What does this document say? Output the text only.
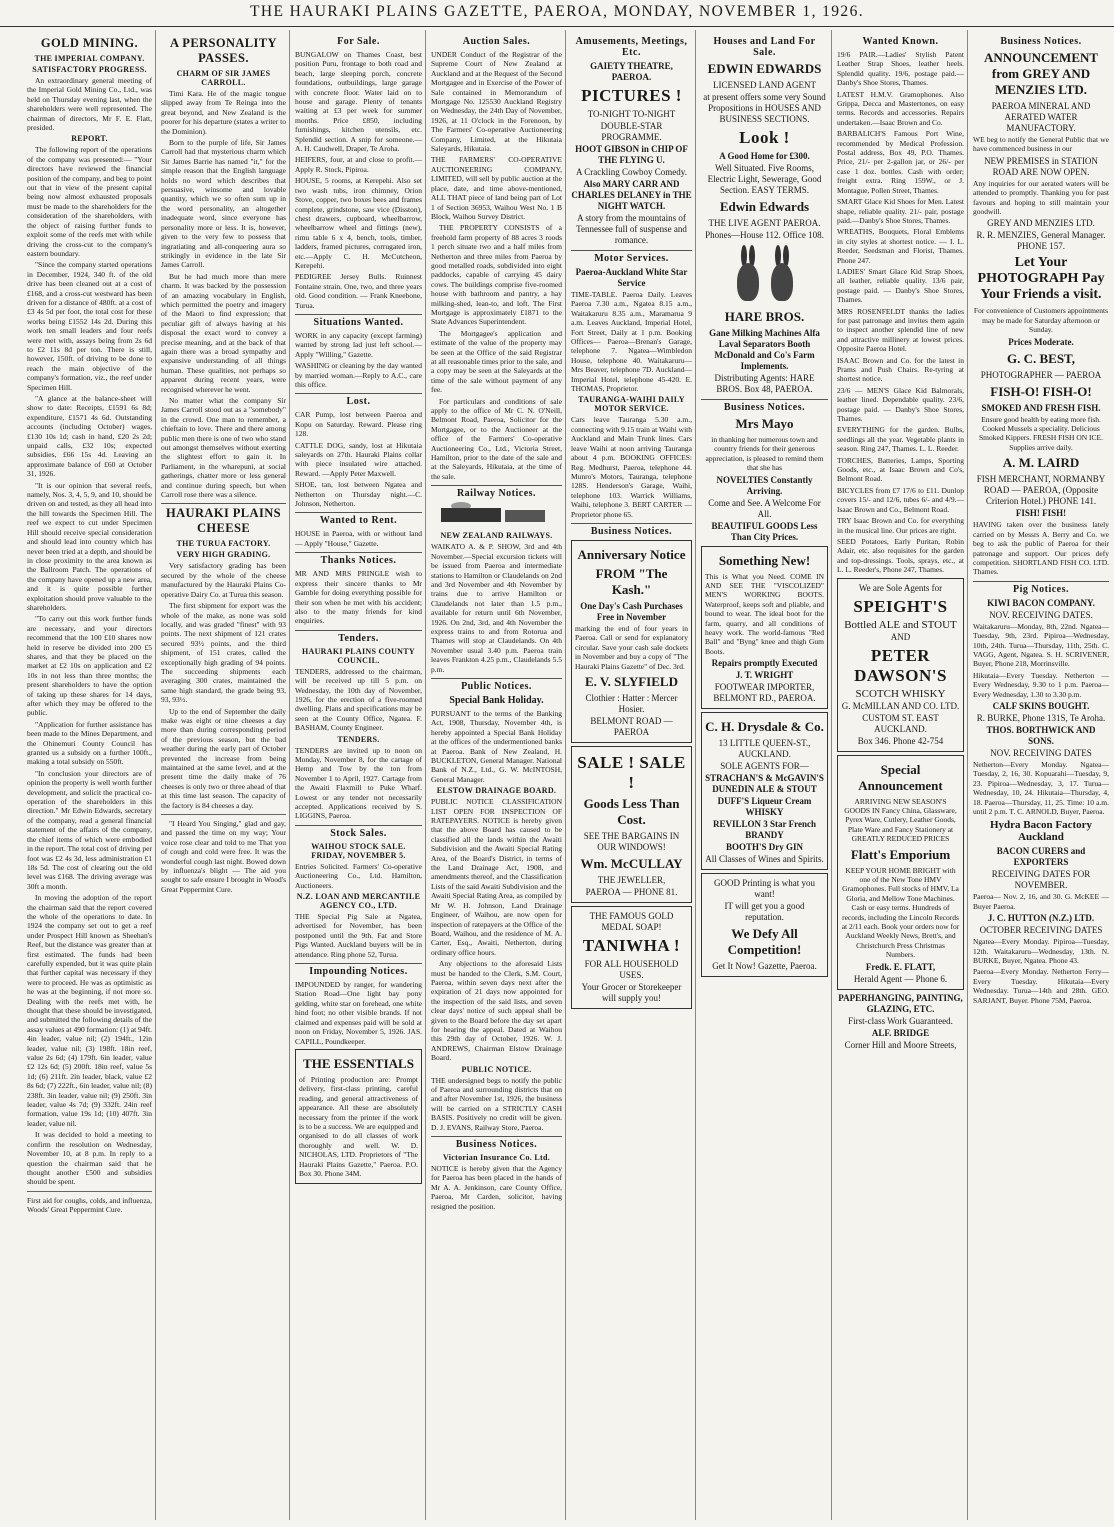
THE HAURAKI PLAINS GAZETTE, PAEROA, MONDAY, NOVEMBER 1, 1926.
GOLD MINING.
THE IMPERIAL COMPANY.
SATISFACTORY PROGRESS.

An extraordinary general meeting of the Imperial Gold Mining Co., Ltd., was held on Thursday evening last, when the shareholders were well represented. The chairman of directors, Mr F. E. Flatt, presided.

REPORT.

The following report of the operations of the company was presented:— "Your directors have reviewed the financial position of the company, and beg to point out that in view of the present capital being now almost exhausted proposals must be made to the shareholders for the consideration of the shareholders, with the object of raising further funds to exploit some of the reefs met with while driving the cross-cut to the company's eastern boundary.

"Since the company started operations in December, 1924, 340 ft. of the old drive has been cleaned out at a cost of £168, and a cross-cut westward has been driven for a distance of 480ft. at a cost of £3 4s 5d per foot, the total cost for these works being £1552 14s 2d. During this work ten small leaders and four reefs were met with, assays being from 2s 6d to £2 11s 8d per ton. There is still, however, 150ft. of driving to be done to reach the main objective of the company's formation, viz., the reef under Specimen Hill.

"A glance at the balance-sheet will show to date: Receipts, £1591 6s 8d; expenditure, £1571 4s 6d. Outstanding accounts (including October) wages, £130 10s 1d; cash in hand, £20 2s 2d; unpaid calls, £32 10s; expected subsidies, £66 15s 4d. Leaving an approximate balance of £60 at October 31, 1926.

"It is our opinion that several reefs, namely, Nos. 3, 4, 5, 9, and 10, should be driven on and tested, as they all head into the hill towards the Specimen Hill. The reef we expect to cut under Specimen Hill should receive special consideration and should lead into country which has never been tried at a depth, and should be in close proximity to the area known as the Ballroom Patch. The operations of the company have opened up a new area, and it is quite possible further exploitation should prove valuable to the shareholders.

"To carry out this work further funds are necessary, and your directors recommend that the 100 £10 shares now held in reserve be divided into 200 £5 shares, and that they be placed on the market at £2 10s on application and £2 10s in not less than three months; the present shareholders to have the option of taking up these shares for 14 days, after which they may be offered to the public.

"Application for further assistance has been made to the Mines Department, and the Ohinemuri County Council has granted us a subsidy on a further 100ft., making a total subsidy on 550ft.

"In conclusion your directors are of opinion the property is well worth further development, and solicit the practical co-operation of the shareholders in this direction." Mr Edwin Edwards, secretary of the company, read a general financial statement of the affairs of the company, the chief items of which were embodied in the report. The total cost of driving per foot was £2 4s 3d, less administration £1 18s 5d. The cost of clearing out the old level was £168. The driving average was 30ft a month.

In moving the adoption of the report the chairman said that the report covered the whole of the operations to date. In 1924 the company set out to get a reef under Prospect Hill known as Sheehan's Reef, but the distance was greater than at first estimated. The funds had been carefully expended, but it was quite plain that further capital was necessary if they were to proceed. He was as optimistic as he was at the beginning, if not more so. Dealing with the reefs met with, he thought that these should be investigated, and submitted the following details of the assay values at 490 formation: (1) at 94ft. 4in leader, value nil; (2) 194ft., 12in leader, value nil; (3) 198ft. 18in reef, value 2s 6d; (4) 179ft. 6in leader, value £2 12s 6d; (5) 200ft. 18in reef, value 5s 1d; (6) 211ft. 2in leader, black, value £2 8s 6d; (7) 222ft., 6in leader, value nil; (8) 238ft. 3in leader, value nil; (9) 250ft. 3in leader, value 4s 7d; (9) 332ft. 24in reef formation, value 19s 1d; (10) 407ft. 3in leader, value nil.

It was decided to hold a meeting to confirm the resolution on Wednesday, November 10, at 8 p.m. In reply to a question the chairman said that he thought another £500 and subsidies should be spent.

First aid for coughs, colds, and influenza, Woods' Great Peppermint Cure.

A PERSONALITY PASSES.
CHARM OF SIR JAMES CARROLL.

Timi Kara. He of the magic tongue slipped away from Te Reinga into the great beyond, and New Zealand is the poorer for his departure (states a writer to the Dominion).

Born to the purple of life, Sir James Carroll had that mysterious charm which Sir James Barrie has named "it," for the simple reason that the English language holds no word which describes that persuasive, winsome and lovable quantity, which we so often sum up in the word personality, an altogether inadequate word, since everyone has personality more or less. It is, however, given to the very few to possess that ingratiating and all-conquering aura so strikingly in evidence in the late Sir James Carroll.

But he had much more than mere charm. It was backed by the possession of an amazing vocabulary in English, which permitted the poetry and imagery of the Maori to find expression; that peculiar gift of always having at his disposal the exact word to convey a precise meaning, and at the back of that again there was a broad sympathy and expansive understanding of all things human. These qualities, not perhaps so apparent during recent years, were recognised wherever he went.

No matter what the company Sir James Carroll stood out as a "somebody" in the crowd. One man to remember, a chieftain to love. There and there among public men there is one of two who stand out amongst themselves without exerting the slightest effort to gain it. In Parliament, in the wharepuni, at social gatherings, chatter more or less general and continue during speech, but when Carroll rose there was a silence.

HAURAKI PLAINS CHEESE
THE TURUA FACTORY.
VERY HIGH GRADING.

Very satisfactory grading has been secured by the whole of the cheese manufactured by the Hauraki Plains Co-operative Dairy Co. at Turua this season.

The first shipment for export was the whole of the make, as none was sold locally, and was graded "finest" with 93 points. The next shipment of 121 crates secured 93½ points, and the third shipment, of 151 crates, called the exceptionally high grading of 94 points. The succeeding shipments each averaging 300 crates, maintained the same high standard, the grade being 93, 93, 93½.

Up to the end of September the daily make was eight or nine cheeses a day more than during corresponding period of the previous season, but the bad weather during the early part of October prevented the increase from being maintained at the same level, and at the present time the daily make of 76 cheeses is only two or three ahead of that at this time last season. The capacity of the factory is 84 cheeses a day.

"I Heard You Singing," glad and gay, and passed the time on my way; Your voice rose clear and told to me That you of cough and cold were free. It was the wonderful cough last night. Bowed down by influenza's blight — The aid you sought to safe ensure I brought in Wood's Great Peppermint Cure.

For Sale.

BUNGALOW on Thames Coast, best position Puru, frontage to both road and beach, large sleeping porch, concrete foundations, outbuildings, large garage with concrete floor. Water laid on to house and garage. Plenty of tenants waiting at £3 per week for summer months. Price £850, including furnishings, kitchen utensils, etc. Splendid section. A snip for someone.—A. H. Caudwell, Draper, Te Aroha.

HEIFERS, four, at and close to profit.—Apply R. Stock, Pipiroa.

HOUSE, 5 rooms, at Kerepehi. Also set two wash tubs, iron chimney, Orion Stove, copper, two boxes bees and frames complete, grindstone, saw vice (Disston), chest drawers, cupboard, wheelbarrow, wheelbarrow wheel and fittings (new), rimu table 6 x 4, bench, tools, timber, ladders, framed pictures, corrugated iron, etc.—Apply C. H. McCutcheon, Kerepehi.

PEDIGREE Jersey Bulls. Ruinnest Fontaine strain. One, two, and three years old. Good condition. — Frank Kneebone, Turua.

Situations Wanted.

WORK in any capacity (except farming) wanted by strong lad just left school.—Apply "Willing," Gazette.

WASHING or cleaning by the day wanted by married woman.—Reply to A.C., care this office.

Lost.

CAR Pump, lost between Paeroa and Kopu on Saturday. Reward. Please ring 128.

CATTLE DOG, sandy, lost at Hikutaia saleyards on 27th. Hauraki Plains collar with piece insulated wire attached. Reward. —Apply Peter Maxwell.

SHOE, tan, lost between Ngatea and Netherton on Thursday night.—C. Johnson, Netherton.

Wanted to Rent.

HOUSE in Paeroa, with or without land — Apply "House," Gazette.

Thanks Notices.

MR AND MRS PRINGLE wish to express their sincere thanks to Mr Gamble for doing everything possible for their son when he met with his accident; also to the many friends for kind enquiries.

Tenders.
HAURAKI PLAINS COUNTY COUNCIL.

TENDERS, addressed to the chairman, will be received up till 5 p.m. on Wednesday, the 10th day of November, 1926, for the erection of a five-roomed dwelling. Plans and specifications may be seen at the County Office, Ngatea. F. BASHAM, County Engineer.

TENDERS.

TENDERS are invited up to noon on Monday, November 8, for the cartage of Hemp and Tow by the ton from November 1 to April, 1927. Cartage from the Awaiti Flaxmill to Puke Wharf. Lowest or any tender not necessarily accepted. Applications received by S. LIGGINS, Paeroa.

Stock Sales.
WAIHOU STOCK SALE. FRIDAY, NOVEMBER 5.

Entries Solicited. Farmers' Co-operative Auctioneering Co., Ltd. Hamilton, Auctioneers.

N.Z. LOAN AND MERCANTILE AGENCY CO., LTD.

THE Special Pig Sale at Ngatea, advertised for November, has been postponed until the 9th. Fat and Store Pigs Wanted. Auckland buyers will be in attendance. Ring phone 52, Turua.

Impounding Notices.

IMPOUNDED by ranger, for wandering Station Road—One light bay pony gelding, white star on forehead, one white hind foot; no other visible brands. If not claimed and expenses paid will be sold at noon on Friday, November 5, 1926. JAS. CAPILL, Poundkeeper.

THE ESSENTIALS

of Printing production are: Prompt delivery, first-class printing, careful reading, and general attractiveness of appearance. All these are absolutely necessary from the printer if the work is to be a success. We are equipped and organised to do all classes of work thoroughly and well. W. D. NICHOLAS, LTD. Proprietors of "The Hauraki Plains Gazette," Paeroa. P.O. Box 30. Phone 34M.

Auction Sales.

UNDER Conduct of the Registrar of the Supreme Court of New Zealand at Auckland and at the Request of the Second Mortgagee and in Exercise of the Power of Sale contained in Memorandum of Mortgage No. 125530 Auckland Registry on Wednesday, the 24th Day of November, 1926, at 11 O'clock in the Forenoon, by The Farmers' Co-operative Auctioneering Company, Limited, at the Hikutaia Saleyards, Hikutaia.

THE FARMERS' CO-OPERATIVE AUCTIONEERING COMPANY, LIMITED, will sell by public auction at the place, date, and time above-mentioned, ALL THAT piece of land being part of Lot 1 of Section 36953, Waihou West No. 1 B Block, Waihou Survey District.

THE PROPERTY CONSISTS of a freehold farm property of 88 acres 3 roods 1 perch situate two and a half miles from Netherton and three miles from Paeroa by good metalled roads, subdivided into eight paddocks, capable of carrying 45 dairy cows. The buildings comprise five-roomed house with bathroom and pantry, a hay milking-shed, lean-to, and loft. The First Mortgage is approximately £1871 to the State Advances Superintendent.

The Mortgagee's application and estimate of the value of the property may be seen at the Office of the said Registrar at all reasonable times prior to the sale, and a copy may be seen at the Saleyards at the time of the sale without payment of any fee.

For particulars and conditions of sale apply to the office of Mr C. N. O'Neill, Belmont Road, Paeroa, Solicitor for the Mortgagee, or to the Auctioneer at the office of the Farmers' Co-operative Auctioneering Co., Ltd., Victoria Street, Hamilton, prior to the date of the sale and at the Saleyards, Hikutaia, at the time of the sale.

Railway Notices.
NEW ZEALAND RAILWAYS.

WAIKATO A. & P. SHOW, 3rd and 4th November.—Special excursion tickets will be issued from Paeroa and intermediate stations to Hamilton or Claudelands on 2nd and 3rd November and 4th November by trains due to arrive Hamilton or Claudelands not later than 1.5 p.m., available for return until 6th November, 1926. On 2nd, 3rd, and 4th November the express trains to and from Rotorua and Thames will stop at Claudelands. On 4th November usual 3.40 p.m. Paeroa train leaves Frankton 4.25 p.m., Claudelands 5.5 p.m.

Public Notices.
Special Bank Holiday.

PURSUANT to the terms of the Banking Act, 1908, Thursday, November 4th, is hereby appointed a Special Bank Holiday at the offices of the undermentioned banks at Paeroa. Bank of New Zealand, H. BUCKLETON, General Manager. National Bank of N.Z., Ltd., G. W. McINTOSH, General Manager.

ELSTOW DRAINAGE BOARD.

PUBLIC NOTICE CLASSIFICATION LIST OPEN FOR INSPECTION OF RATEPAYERS. NOTICE is hereby given that the above Board has caused to be classified all the lands within the Awaiti Subdivision and the Awaiti Special Rating Area, of the Board's District, in terms of the Land Drainage Act, 1908, and amendments thereof, and the Classification Lists of the said Awaiti Subdivision and the Awaiti Special Rating Area, as compiled by Mr W. H. Johnson, Land Drainage Engineer, of Waihou, are now open for inspection of ratepayers at the Office of the Board, Waihou, and the residence of M. A. Carter, Esq., Awaiti, Netherton, during ordinary office hours.

Any objections to the aforesaid Lists must be handed to the Clerk, S.M. Court, Paeroa, within seven days next after the expiration of 21 days now appointed for the inspection of the said lists, and seven clear days' notice of such appeal shall be given to the Board before the day set apart for hearing the appeal. Dated at Waihou this 29th day of October, 1926. W. J. ANDREWS, Chairman Elstow Drainage Board.

PUBLIC NOTICE.

THE undersigned begs to notify the public of Paeroa and surrounding districts that on and after November 1st, 1926, the business will be carried on a STRICTLY CASH BASIS. Positively no credit will be given. D. J. EVANS, Railway Store, Paeroa.

Business Notices.
Victorian Insurance Co. Ltd.

NOTICE is hereby given that the Agency for Paeroa has been placed in the hands of Mr A. A. Jenkinson, care County Office, Paeroa, Mr Carden, solicitor, having resigned the position.

Amusements, Meetings, Etc.
GAIETY THEATRE, PAEROA.
PICTURES !
TO-NIGHT TO-NIGHT
DOUBLE-STAR PROGRAMME.
HOOT GIBSON in CHIP OF THE FLYING U.
A Crackling Cowboy Comedy.
Also MARY CARR AND CHARLES DELANEY in THE NIGHT WATCH.
A story from the mountains of Tennessee full of suspense and romance.
Motor Services.
Paeroa-Auckland White Star Service

TIME-TABLE. Paeroa Daily. Leaves Paeroa 7.30 a.m., Ngatea 8.15 a.m., Waitakaruru 8.35 a.m., Maramarua 9 a.m. Leaves Auckland, Imperial Hotel, Fort Street, Daily at 1 p.m. Booking Offices— Paeroa—Brenan's Garage, telephone 7. Ngatea—Wimbledon House, telephone 40. Waitakaruru—Mrs Beaver, telephone 7D. Auckland—Imperial Hotel, telephone 45-420. E. THOMAS, Proprietor.

TAURANGA-WAIHI DAILY MOTOR SERVICE.

Cars leave Tauranga 5.30 a.m., connecting with 9.15 train at Waihi with Auckland and Main Trunk lines. Cars leave Waihi at noon arriving Tauranga about 4 p.m. BOOKING OFFICES: Reg. Medhurst, Paeroa, telephone 44. Munro's Motors, Tauranga, telephone 128S. Henderson's Garage, Waihi, telephone 103. Warrick Williams, Waihi, telephone 3. BERT CARTER — Proprietor phone 65.

Business Notices.
Anniversary Notice
FROM "The Kash."
One Day's Cash Purchases Free in November

marking the end of four years in Paeroa. Call or send for explanatory circular. Save your cash sale dockets in November and buy a copy of "The Hauraki Plains Gazette" of Dec. 3rd.

E. V. SLYFIELD
Clothier : Hatter : Mercer Hosier.
BELMONT ROAD — PAEROA
SALE ! SALE !
Goods Less Than Cost.
SEE THE BARGAINS IN OUR WINDOWS!
Wm. McCULLAY
THE JEWELLER,
PAEROA — PHONE 81.
THE FAMOUS GOLD MEDAL SOAP!
TANIWHA !
FOR ALL HOUSEHOLD USES.
Your Grocer or Storekeeper will supply you!
Houses and Land For Sale.
EDWIN EDWARDS
LICENSED LAND AGENT
at present offers some very Sound Propositions in HOUSES AND BUSINESS SECTIONS.
Look !
A Good Home for £300.
Well Situated. Five Rooms, Electric Light, Sewerage, Good Section. EASY TERMS.
Edwin Edwards
THE LIVE AGENT PAEROA.
Phones—House 112. Office 108.
HARE BROS.
Gane Milking Machines Alfa Laval Separators Booth McDonald and Co's Farm Implements.
Distributing Agents: HARE BROS. Box 48, PAEROA.
Business Notices.
Mrs Mayo

in thanking her numerous town and country friends for their generous appreciation, is pleased to remind them that she has

NOVELTIES Constantly Arriving.
Come and See. A Welcome For All.
BEAUTIFUL GOODS Less Than City Prices.
Something New!

This is What you Need. COME IN AND SEE THE "VISCOLIZED" MEN'S WORKING BOOTS. Waterproof, keeps soft and pliable, and bound to wear. The ideal boot for the farm, quarry, and all conditions of heavy work. The world-famous "Red Ball" and "Byng" knee and thigh Gum Boots.

Repairs promptly Executed
J. T. WRIGHT
FOOTWEAR IMPORTER, BELMONT RD., PAEROA.
C. H. Drysdale & Co.
13 LITTLE QUEEN-ST., AUCKLAND.
SOLE AGENTS FOR—
STRACHAN'S & McGAVIN'S DUNEDIN ALE & STOUT
DUFF'S Liqueur Cream WHISKY
REVILLON 3 Star French BRANDY
BOOTH'S Dry GIN
All Classes of Wines and Spirits.
GOOD Printing is what you want!
IT will get you a good reputation.
We Defy All Competition!
Get It Now! Gazette, Paeroa.
Wanted Known.

19/6 PAIR.—Ladies' Stylish Patent Leather Strap Shoes, leather heels. Splendid quality. 19/6, postage paid.—Danby's Shoe Stores, Thames.

LATEST H.M.V. Gramophones. Also Grippa, Decca and Mastertones, on easy terms. Records and accessories. Repairs undertaken.—Isaac Brown and Co.

BARBALICH'S Famous Port Wine, recommended by Medical Profession. Postal address, Box 49, P.O. Thames. Price, 21/- per 2-gallon jar, or 26/- per case 1 doz. bottles. Cash with order; freight extra. Ring 159W., or J. Montague, Pollen Street, Thames.

SMART Glace Kid Shoes for Men. Latest shape, reliable quality. 21/- pair, postage paid.—Danby's Shoe Stores, Thames.

WREATHS, Bouquets, Floral Emblems in city styles at shortest notice. — I. L. Reeder, Seedsman and Florist, Thames. Phone 247.

LADIES' Smart Glace Kid Strap Shoes, all leather, reliable quality. 13/6 pair, postage paid. — Danby's Shoe Stores, Thames.

MRS ROSENFELDT thanks the ladies for past patronage and invites them again to inspect another splendid line of new and attractive millinery at lowest prices. Opposite Paeroa Hotel.

ISAAC Brown and Co. for the latest in Prams and Push Chairs. Re-tyring at shortest notice.

23/6 — MEN'S Glace Kid Balmorals, leather lined. Dependable quality. 23/6, postage paid. — Danby's Shoe Stores, Thames.

EVERYTHING for the garden. Bulbs, seedlings all the year. Vegetable plants in season. Ring 247, Thames. L. L. Reeder.

TORCHES, Batteries, Lamps, Sporting Goods, etc., at Isaac Brown and Co's, Belmont Road.

BICYCLES from £7 17/6 to £11. Dunlop covers 15/- and 12/6, tubes 6/- and 4/9.—Isaac Brown and Co., Belmont Road.

TRY Isaac Brown and Co. for everything in the musical line. Our prices are right.

SEED Potatoes, Early Puritan, Robin Adair, etc. also requisites for the garden and top-dressings. Tools, sprays, etc., at L. L. Reeder's, Phone 247, Thames.

We are Sole Agents for
SPEIGHT'S
Bottled ALE and STOUT
AND
PETER DAWSON'S
SCOTCH WHISKY
G. McMILLAN AND CO. LTD.
CUSTOM ST. EAST AUCKLAND.
Box 346. Phone 42-754
Special Announcement

ARRIVING NEW SEASON'S GOODS IN Fancy China, Glassware, Pyrex Ware, Cutlery, Leather Goods, Plate Ware and Fancy Stationery at GREATLY REDUCED PRICES

Flatt's Emporium

KEEP YOUR HOME BRIGHT with one of the New Tone HMV Gramophones. Full stocks of HMV, La Gloria, and Mellow Tone Machines. Cash or easy terms. Hundreds of records, including the Lincoln Records at 2/11 each. Book your orders now for Auckland Weekly News, Brett's, and Christchurch Press Christmas Numbers.

Fredk. E. FLATT,
Herald Agent — Phone 6.
PAPERHANGING, PAINTING, GLAZING, ETC.
First-class Work Guaranteed.
ALF. BRIDGE
Corner Hill and Moore Streets,
Business Notices.
ANNOUNCEMENT from GREY AND MENZIES LTD.
PAEROA MINERAL AND AERATED WATER MANUFACTORY.

WE beg to notify the General Public that we have commenced business in our

NEW PREMISES in STATION ROAD ARE NOW OPEN.

Any inquiries for our aerated waters will be attended to promptly. Thanking you for past favours and hoping to still maintain your goodwill.

GREY AND MENZIES LTD.
R. R. MENZIES, General Manager. PHONE 157.
Let Your PHOTOGRAPH Pay Your Friends a visit.

For convenience of Customers appointments may be made for Saturday afternoon or Sunday.

Prices Moderate.
G. C. BEST,
PHOTOGRAPHER — PAEROA
FISH-O! FISH-O!
SMOKED AND FRESH FISH.

Ensure good health by eating more fish. Cooked Mussels a speciality. Delicious Smoked Kippers. FRESH FISH ON ICE. Supplies arrive daily.

A. M. LAIRD
FISH MERCHANT, NORMANBY ROAD — PAEROA, (Opposite Criterion Hotel.) PHONE 141.
FISH! FISH!

HAVING taken over the business lately carried on by Messrs A. Berry and Co. we beg to ask the public of Paeroa for their patronage and support. Our prices defy competition. SHORTLAND FISH CO. LTD. Thames.

Pig Notices.
KIWI BACON COMPANY.
NOV. RECEIVING DATES.

Waitakaruru—Monday, 8th, 22nd. Ngatea—Tuesday, 9th, 23rd. Pipiroa—Wednesday, 10th, 24th. Turua—Thursday, 11th, 25th. C. VAGG, Agent, Ngatea. S. H. SCRIVENER, Buyer, Phone 218, Morrinsville.

Hikutaia—Every Tuesday. Netherton — Every Wednesday, 9.30 to 1 p.m. Paeroa—Every Wednesday, 1.30 to 3.30 p.m.

CALF SKINS BOUGHT.
R. BURKE, Phone 131S, Te Aroha.
THOS. BORTHWICK AND SONS.
NOV. RECEIVING DATES

Netherton—Every Monday. Ngatea—Tuesday, 2, 16, 30. Kopuarahi—Tuesday, 9, 23. Pipiroa—Wednesday, 3, 17. Turua—Wednesday, 10, 24. Hikutaia—Thursday, 4, 18. Paeroa—Thursday, 11, 25. Time: 10 a.m. until 2 p.m. T. C. ARNOLD, Buyer, Paeroa.

Hydra Bacon Factory Auckland
BACON CURERS and EXPORTERS
RECEIVING DATES FOR NOVEMBER.

Paeroa— Nov. 2, 16, and 30. G. McKEE — Buyer Paeroa.

J. C. HUTTON (N.Z.) LTD.
OCTOBER RECEIVING DATES

Ngatea—Every Monday. Pipiroa—Tuesday, 12th. Waitakaruru—Wednesday, 13th. N. BURKE, Buyer, Ngatea. Phone 43.

Paeroa—Every Monday. Netherton Ferry—Every Tuesday. Hikutaia—Every Wednesday. Turua—14th and 28th. GEO. SARJANT, Buyer. Phone 75M, Paeroa.
